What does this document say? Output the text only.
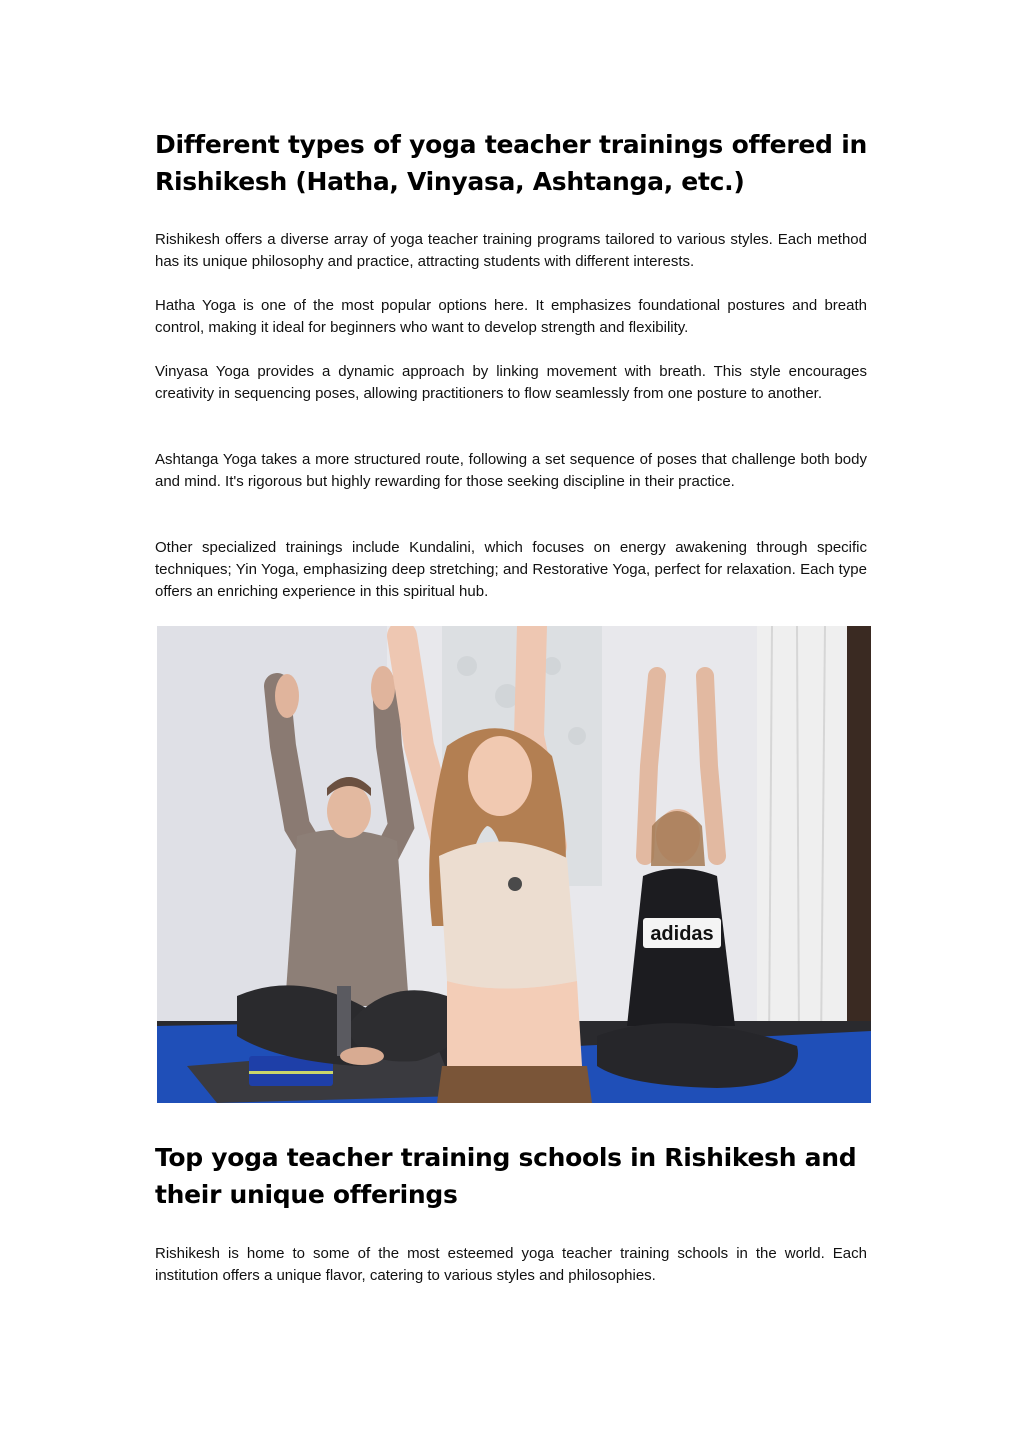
Different types of yoga teacher trainings offered in Rishikesh (Hatha, Vinyasa, Ashtanga, etc.)

Rishikesh offers a diverse array of yoga teacher training programs tailored to various styles. Each method has its unique philosophy and practice, attracting students with different interests.

Hatha Yoga is one of the most popular options here. It emphasizes foundational postures and breath control, making it ideal for beginners who want to develop strength and flexibility.

Vinyasa Yoga provides a dynamic approach by linking movement with breath. This style encourages creativity in sequencing poses, allowing practitioners to flow seamlessly from one posture to another.

Ashtanga Yoga takes a more structured route, following a set sequence of poses that challenge both body and mind. It's rigorous but highly rewarding for those seeking discipline in their practice.

Other specialized trainings include Kundalini, which focuses on energy awakening through specific techniques; Yin Yoga, emphasizing deep stretching; and Restorative Yoga, perfect for relaxation. Each type offers an enriching experience in this spiritual hub.

adidas
Top yoga teacher training schools in Rishikesh and their unique offerings

Rishikesh is home to some of the most esteemed yoga teacher training schools in the world. Each institution offers a unique flavor, catering to various styles and philosophies.
